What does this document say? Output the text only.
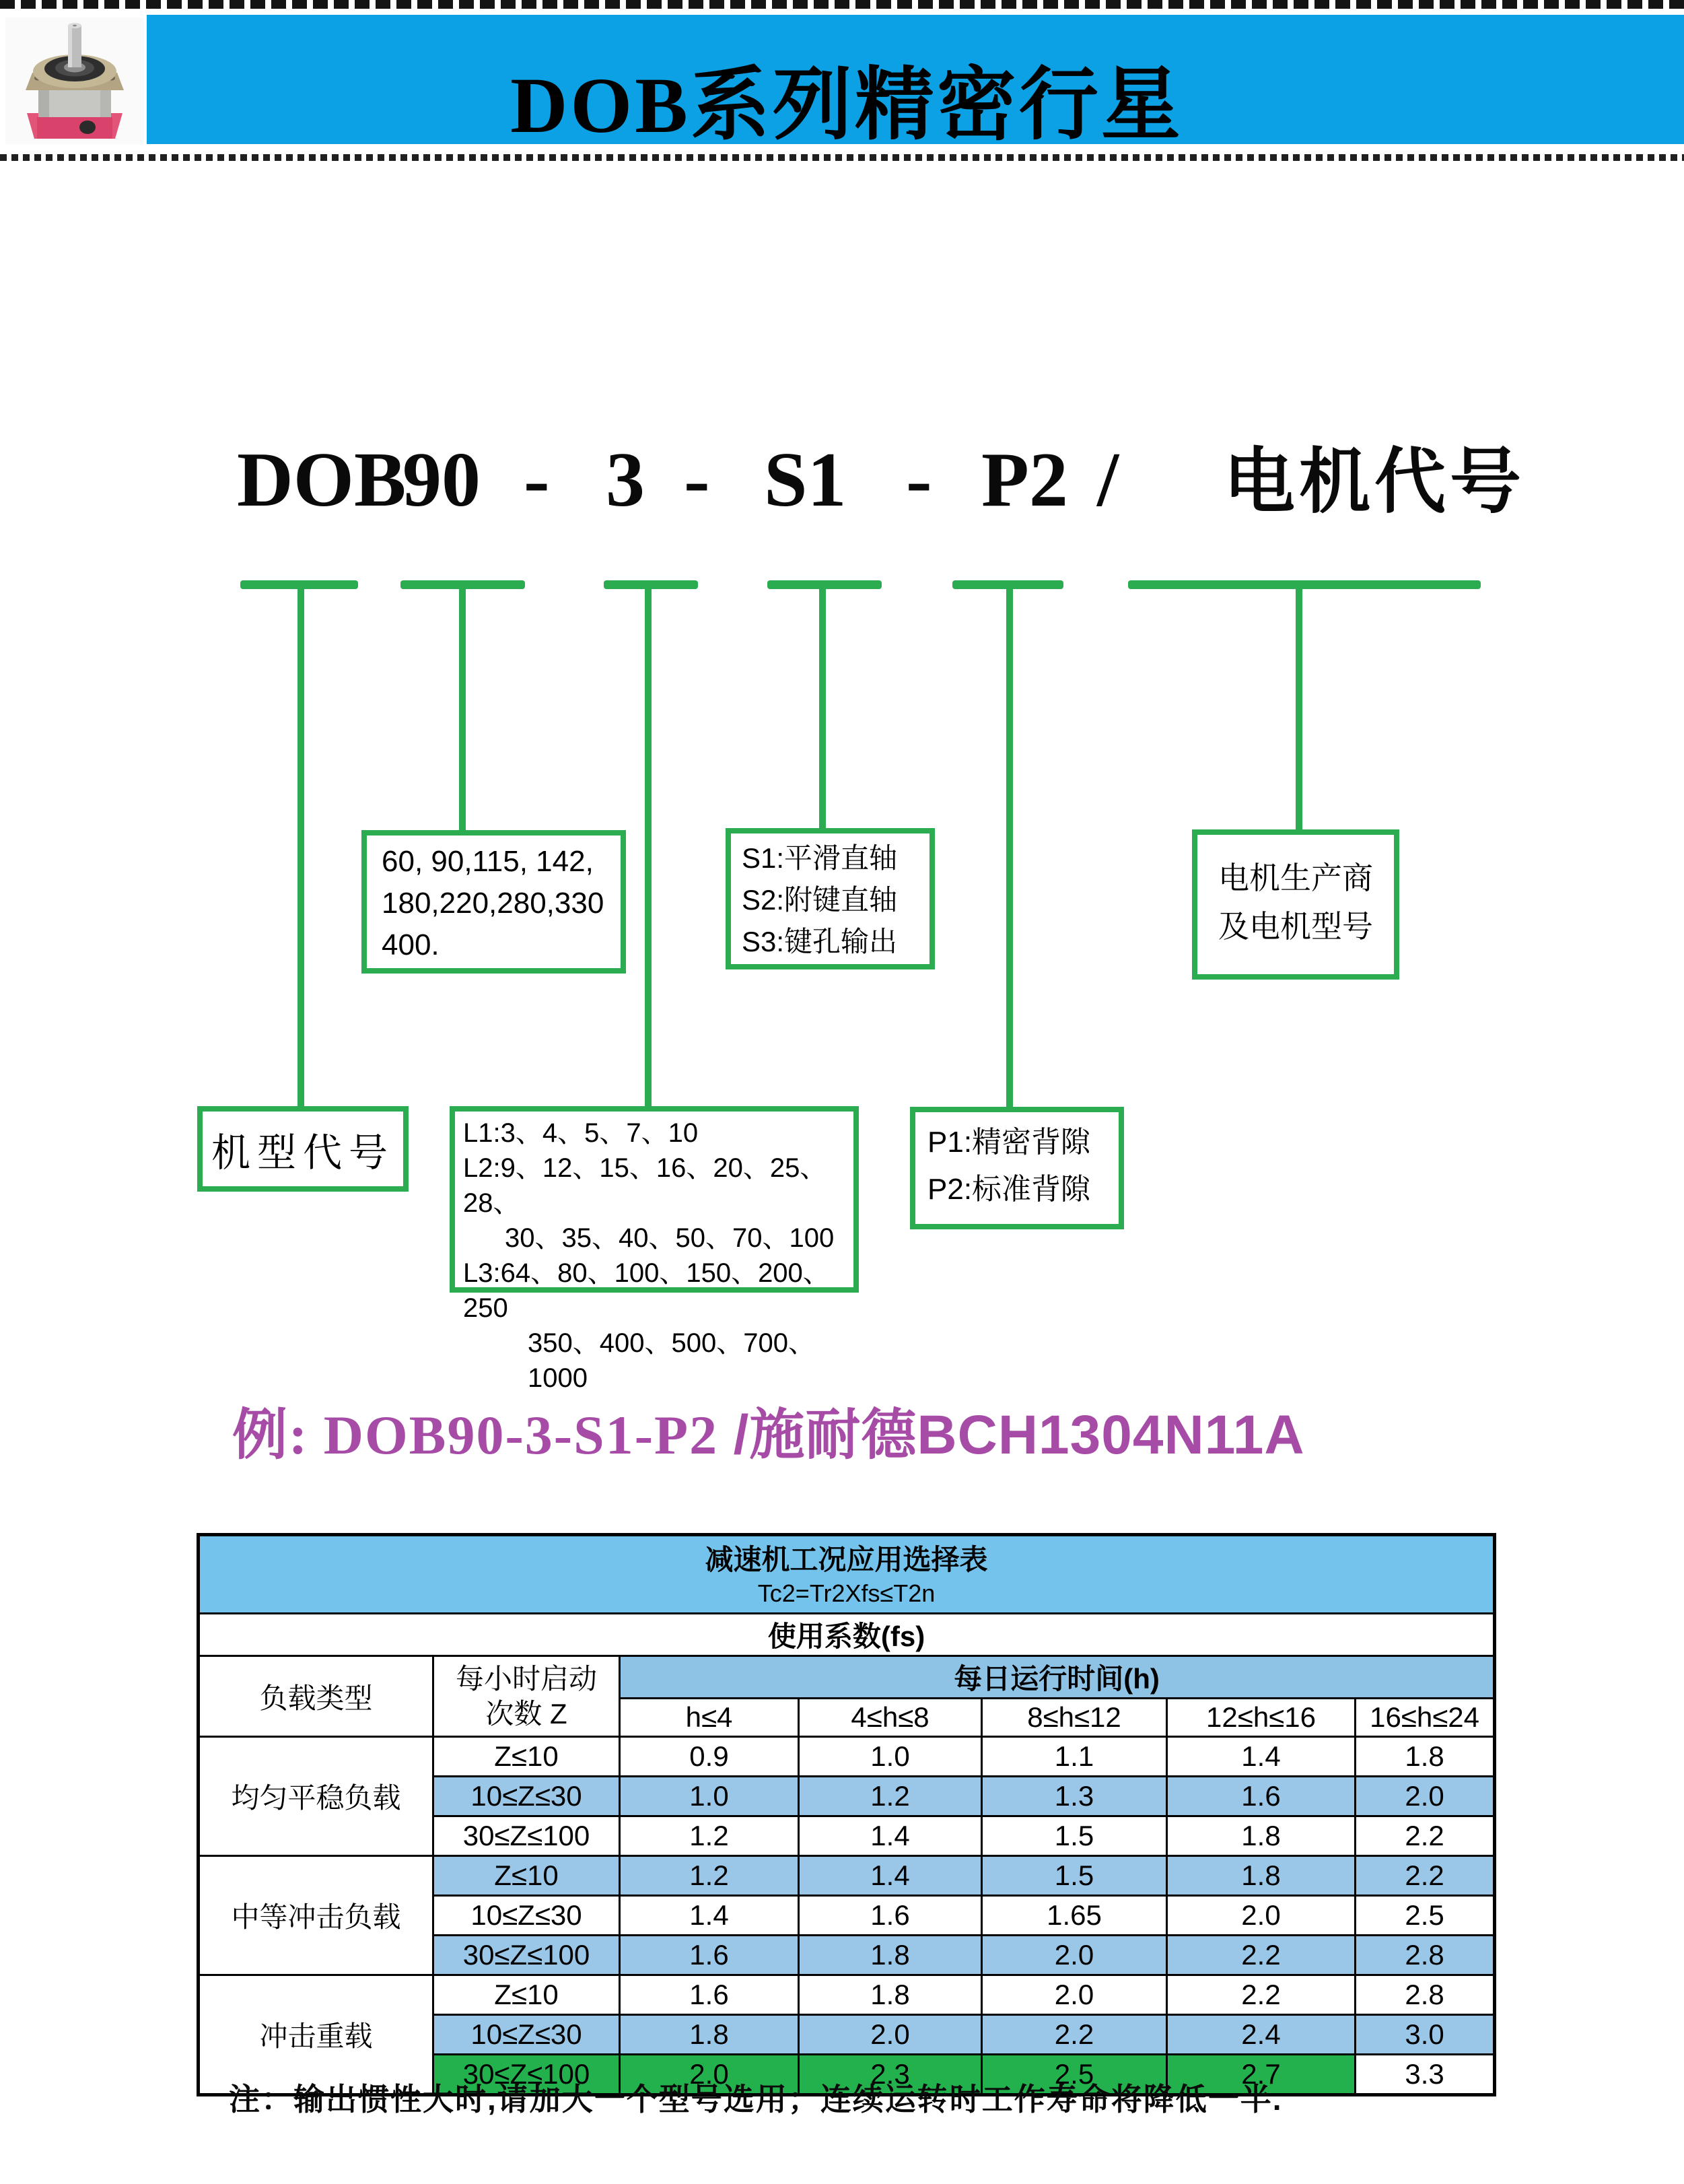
DOB系列精密行星
DOB
90 - 3 - S1 - P2 / 电机代号
60, 90,115, 142,
180,220,280,330
400.
S1:平滑直轴
S2:附键直轴
S3:键孔输出
电机生产商
及电机型号
机型代号	L1:3、4、5、7、10
L2:9、12、15、16、20、25、28、
30、35、40、50、70、100
L3:64、80、100、150、200、250
350、400、500、700、1000
P1:精密背隙
P2:标准背隙
例: DOB90-3-S1-P2 /施耐德BCH1304N11A
减速机工况应用选择表
Tc2=Tr2Xfs≤T2n						

使用系数(fs)						
负载类型	每小时启动
次数 Z	每日运行时间(h)				
		h≤4	4≤h≤8	8≤h≤12	12≤h≤16	16≤h≤24
均匀平稳负载	Z≤10	0.9	1.0	1.1	1.4	1.8
	10≤Z≤30	1.0	1.2	1.3	1.6	2.0
	30≤Z≤100	1.2	1.4	1.5	1.8	2.2
中等冲击负载	Z≤10	1.2	1.4	1.5	1.8	2.2
	10≤Z≤30	1.4	1.6	1.65	2.0	2.5
	30≤Z≤100	1.6	1.8	2.0	2.2	2.8
冲击重载	Z≤10	1.6	1.8	2.0	2.2	2.8
	10≤Z≤30	1.8	2.0	2.2	2.4	3.0
	30≤Z≤100	2.0	2.3	2.5	2.7	3.3
注：输出惯性大时,请加大一个型号选用；连续运转时工作寿命将降低一半.
